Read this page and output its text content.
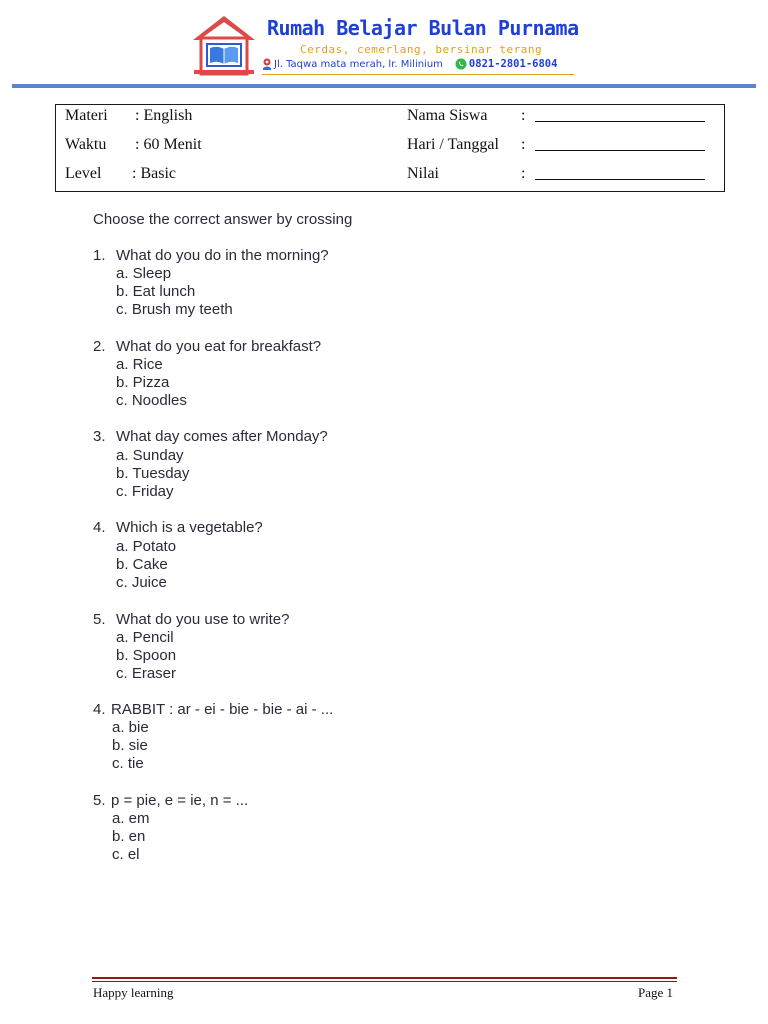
Rumah Belajar Bulan Purnama
Cerdas, cemerlang, bersinar terang
Jl. Taqwa mata merah, lr. Milinium 0821-2801-6804
Materi : English
Waktu : 60 Menit
Level : Basic
Nama Siswa :
Hari / Tanggal :
Nilai	:
Choose the correct answer by crossing
1. What do you do in the morning?
a. Sleep
b. Eat lunch
c. Brush my teeth
2. What do you eat for breakfast?
a. Rice
b. Pizza
c. Noodles
3. What day comes after Monday?
a. Sunday
b. Tuesday
c. Friday
4. Which is a vegetable?
a. Potato
b. Cake
c. Juice
5. What do you use to write?
a. Pencil
b. Spoon
c. Eraser
4. RABBIT : ar - ei - bie - bie - ai - ...
a. bie
b. sie
c. tie
5. p = pie, e = ie, n = ...
a. em
b. en
c. el
Happy learning	Page 1
